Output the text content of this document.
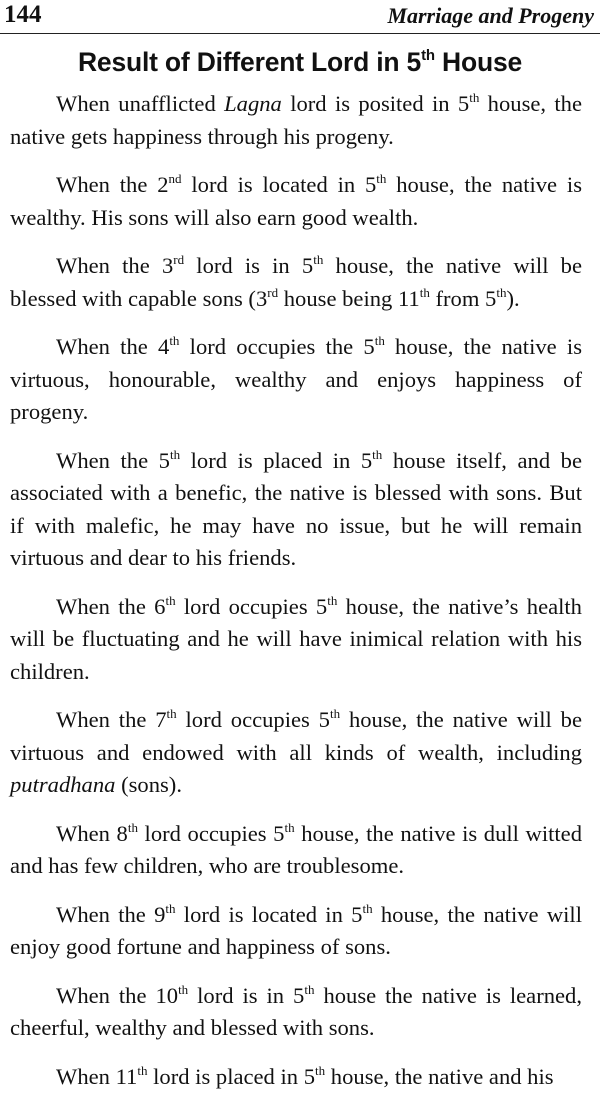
144	Marriage and Progeny
Result of Different Lord in 5th House

When unafflicted Lagna lord is posited in 5th house, the native gets happiness through his progeny.

When the 2nd lord is located in 5th house, the native is wealthy. His sons will also earn good wealth.

When the 3rd lord is in 5th house, the native will be blessed with capable sons (3rd house being 11th from 5th).

When the 4th lord occupies the 5th house, the native is virtuous, honourable, wealthy and enjoys happiness of progeny.

When the 5th lord is placed in 5th house itself, and be associated with a benefic, the native is blessed with sons. But if with malefic, he may have no issue, but he will remain virtuous and dear to his friends.

When the 6th lord occupies 5th house, the native’s health will be fluctuating and he will have inimical relation with his children.

When the 7th lord occupies 5th house, the native will be virtuous and endowed with all kinds of wealth, including putradhana (sons).

When 8th lord occupies 5th house, the native is dull witted and has few children, who are troublesome.

When the 9th lord is located in 5th house, the native will enjoy good fortune and happiness of sons.

When the 10th lord is in 5th house the native is learned, cheerful, wealthy and blessed with sons.

When 11th lord is placed in 5th house, the native and his
